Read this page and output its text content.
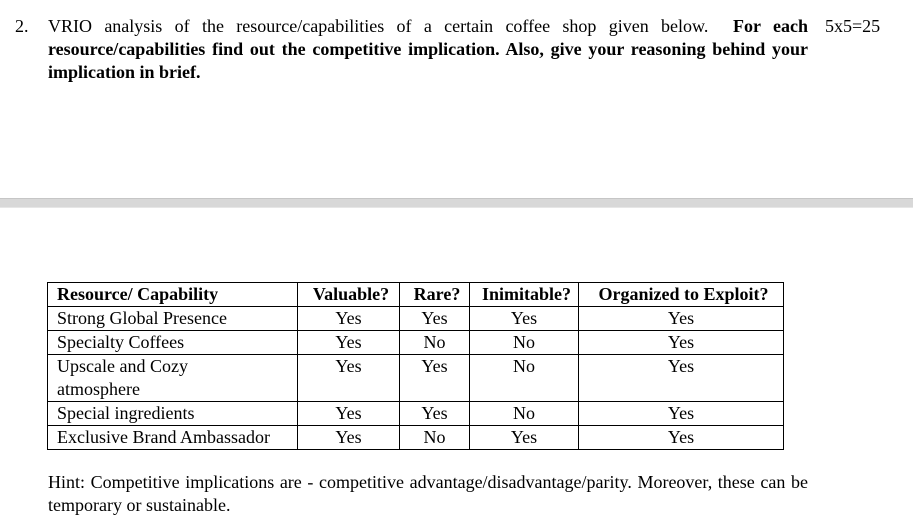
2. VRIO analysis of the resource/capabilities of a certain coffee shop given below. For each resource/capabilities find out the competitive implication. Also, give your reasoning behind your implication in brief.
5x5=25
Resource/ Capability	Valuable?	Rare?	Inimitable?	Organized to Exploit?
Strong Global Presence	Yes	Yes	Yes	Yes
Specialty Coffees	Yes	No	No	Yes
Upscale and Cozy atmosphere	Yes	Yes	No	Yes
Special ingredients	Yes	Yes	No	Yes
Exclusive Brand Ambassador	Yes	No	Yes	Yes
Hint: Competitive implications are - competitive advantage/disadvantage/parity. Moreover, these can be temporary or sustainable.
